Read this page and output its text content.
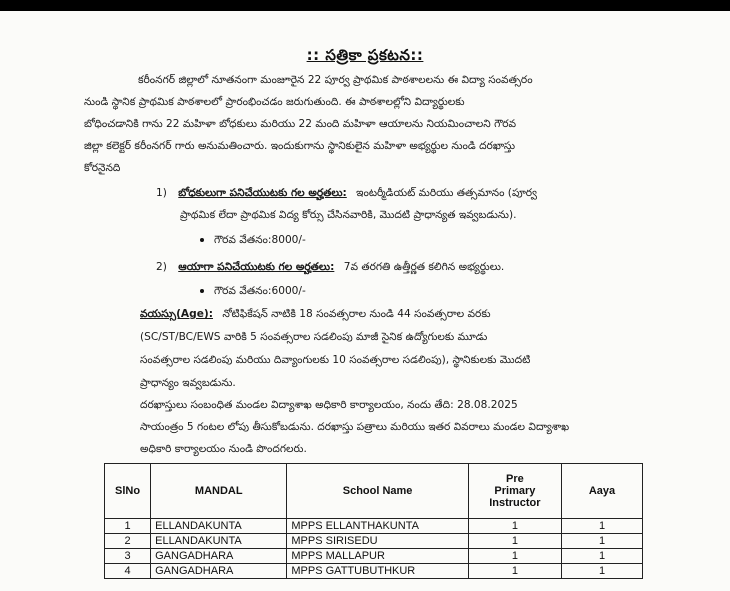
:: సత్రికా ప్రకటన::
కరీంనగర్ జిల్లాలో నూతనంగా మంజూరైన 22 పూర్వ ప్రాథమిక పాఠశాలలను ఈ విద్యా సంవత్సరం
నుండి స్థానిక ప్రాథమిక పాఠశాలలో ప్రారంభించడం జరుగుతుంది. ఈ పాఠశాలల్లోని విద్యార్థులకు
బోధించడానికి గాను 22 మహిళా బోధకులు మరియు 22 మంది మహిళా ఆయాలను నియమించాలని గౌరవ
జిల్లా కలెక్టర్ కరీంనగర్ గారు అనుమతించారు. ఇందుకుగాను స్థానికులైన మహిళా అభ్యర్థుల నుండి దరఖాస్తు
కోరనైనది
1) బోధకులుగా పనిచేయుటకు గల అర్హతలు: ఇంటర్మీడియట్ మరియు తత్సమానం (పూర్వ
ప్రాథమిక లేదా ప్రాథమిక విద్య కోర్సు చేసినవారికి, మొదటి ప్రాధాన్యత ఇవ్వబడును).
గౌరవ వేతనం:8000/-
2) ఆయాగా పనిచేయుటకు గల అర్హతలు: 7వ తరగతి ఉత్తీర్ణత కలిగిన అభ్యర్థులు.
గౌరవ వేతనం:6000/-
వయస్సు(Age): నోటిఫికేషన్ నాటికి 18 సంవత్సరాల నుండి 44 సంవత్సరాల వరకు
(SC/ST/BC/EWS వారికి 5 సంవత్సరాల సడలింపు మాజీ సైనిక ఉద్యోగులకు మూడు
సంవత్సరాల సడలింపు మరియు దివ్యాంగులకు 10 సంవత్సరాల సడలింపు), స్థానికులకు మొదటి
ప్రాధాన్యం ఇవ్వబడును.
దరఖాస్తులు సంబంధిత మండల విద్యాశాఖ అధికారి కార్యాలయం, నందు తేది: 28.08.2025
సాయంత్రం 5 గంటల లోపు తీసుకోబడును. దరఖాస్తు పత్రాలు మరియు ఇతర వివరాలు మండల విద్యాశాఖ
అధికారి కార్యాలయం నుండి పొందగలరు.
SlNo	MANDAL	School Name	Pre
Primary
Instructor	Aaya
1	ELLANDAKUNTA	MPPS ELLANTHAKUNTA	1	1
2	ELLANDAKUNTA	MPPS SIRISEDU	1	1
3	GANGADHARA	MPPS MALLAPUR	1	1
4	GANGADHARA	MPPS GATTUBUTHKUR	1	1
